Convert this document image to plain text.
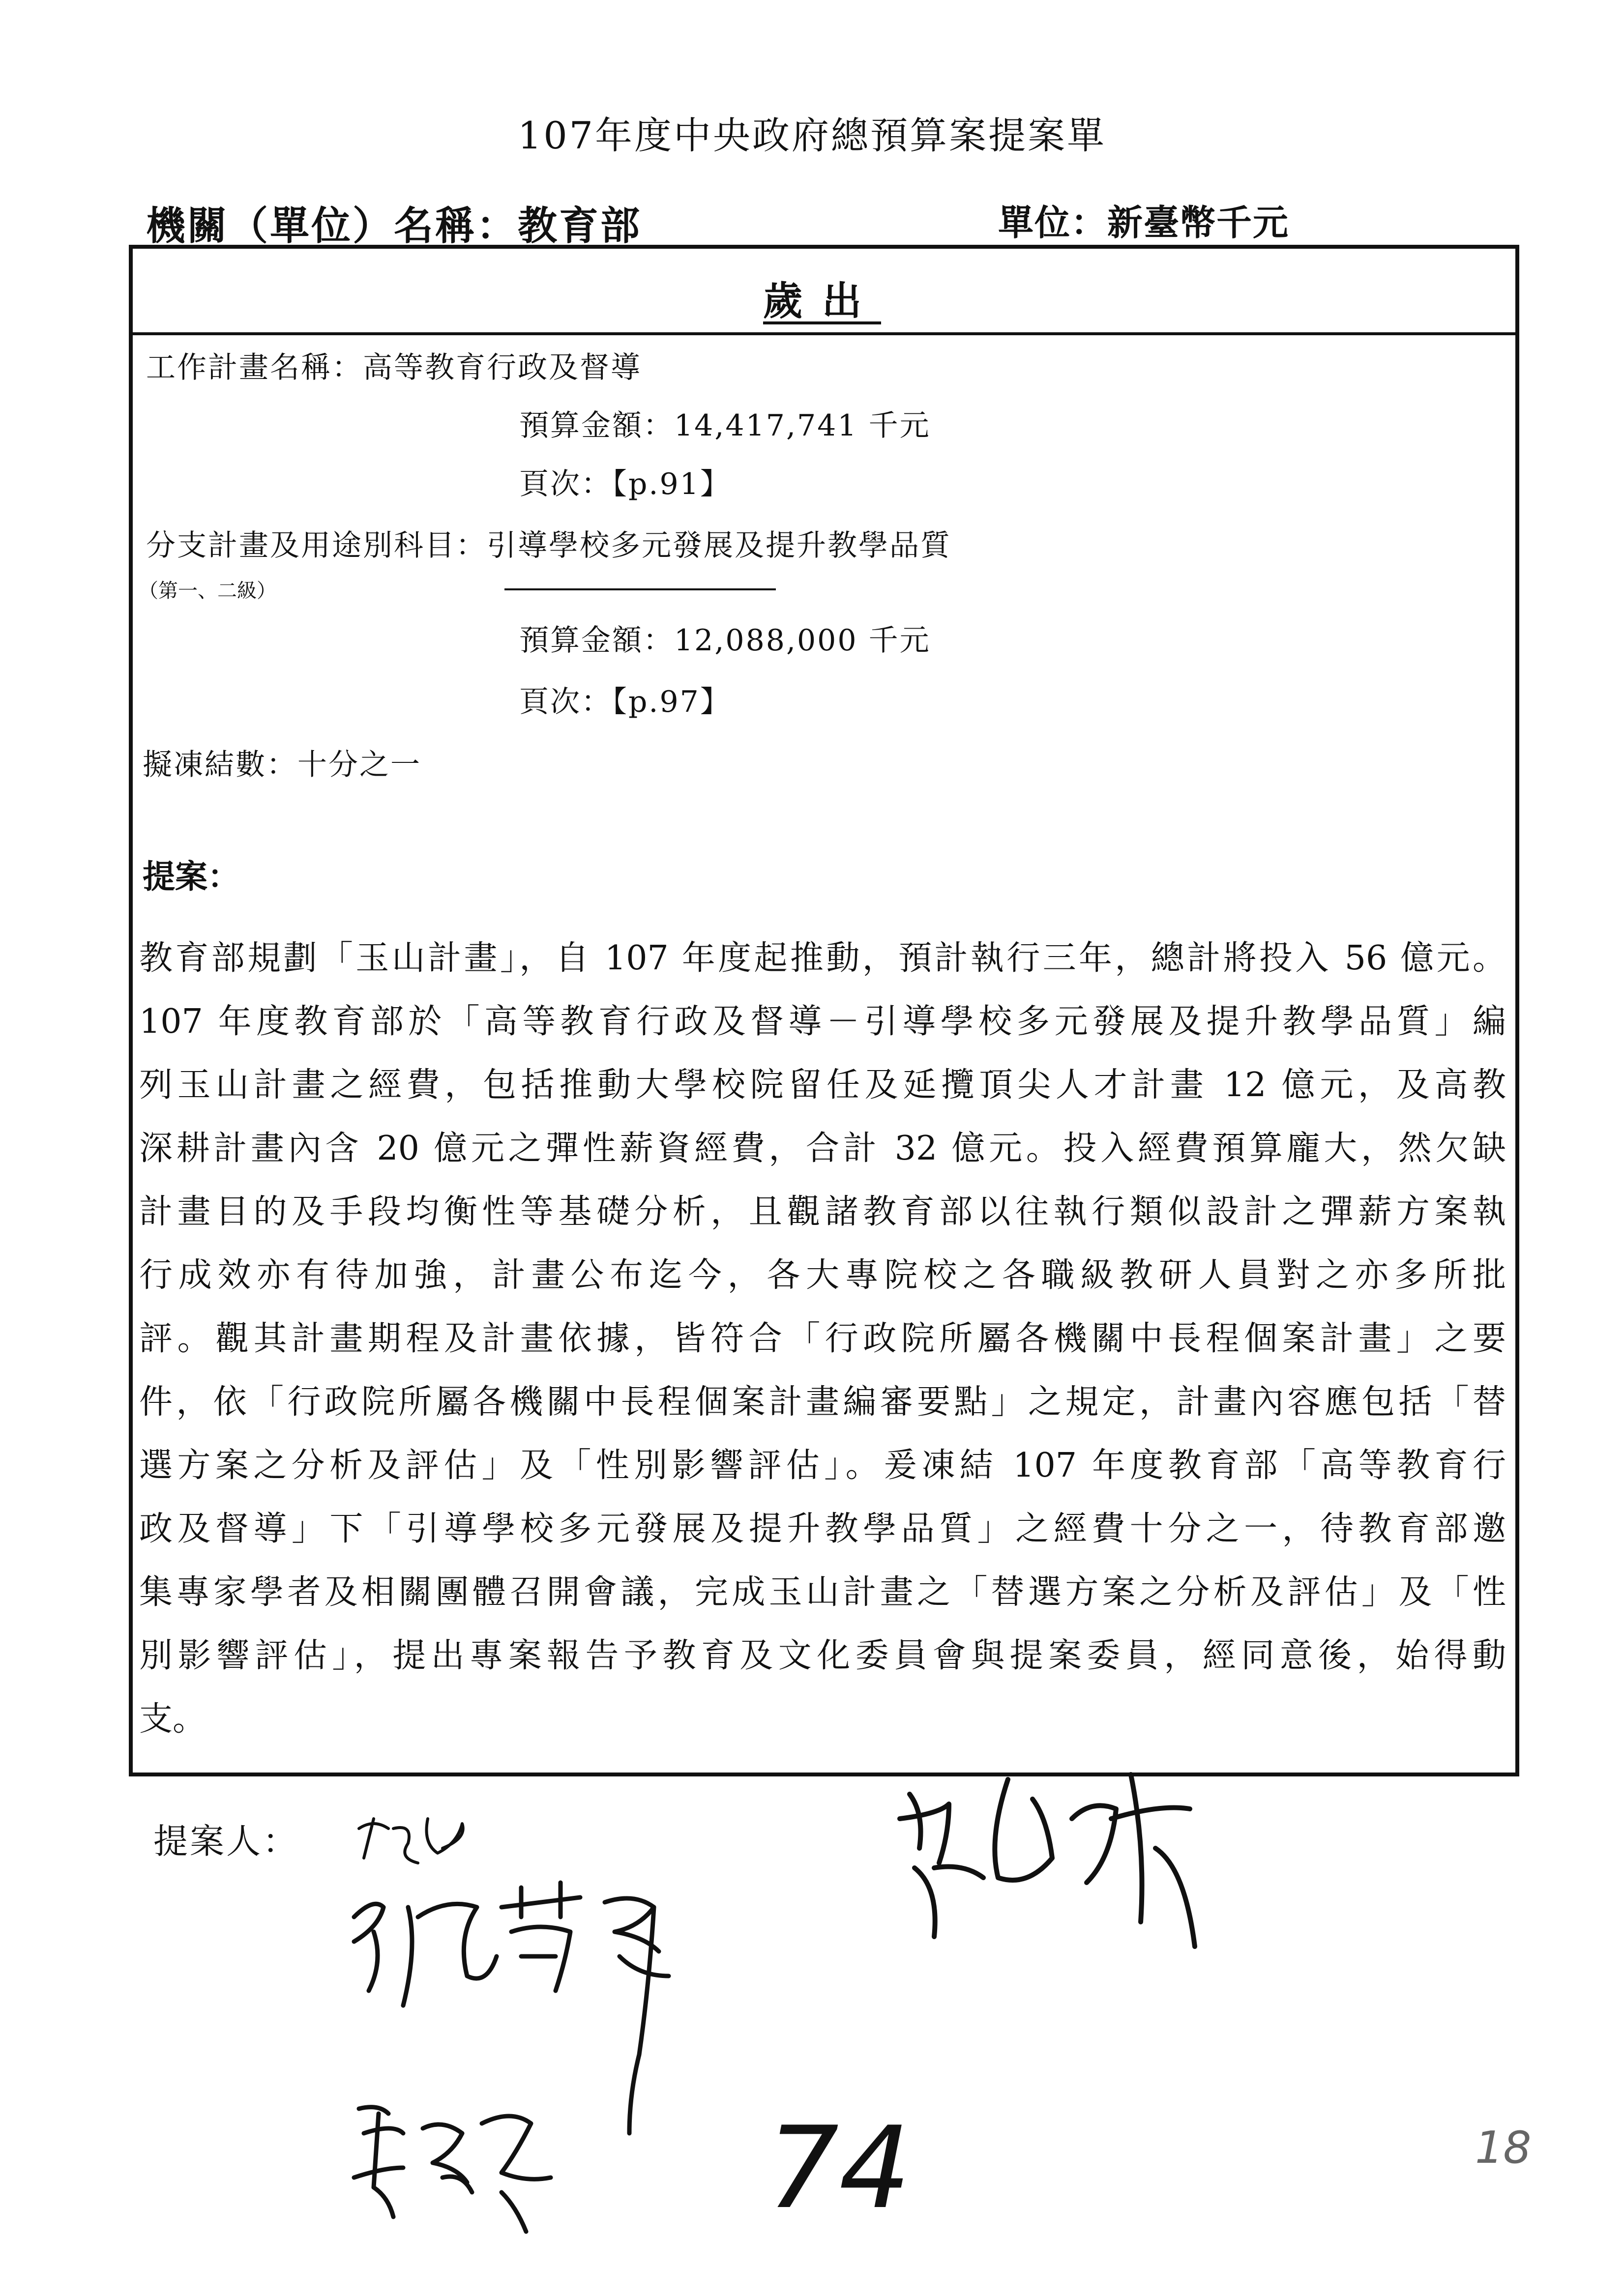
107年度中央政府總預算案提案單
機關（單位）名稱：教育部	單位：新臺幣千元
歲出
工作計畫名稱：高等教育行政及督導
預算金額：14,417,741 千元
頁次：【p.91】
分支計畫及用途別科目：引導學校多元發展及提升教學品質
（第一、二級）
預算金額：12,088,000 千元
頁次：【p.97】
擬凍結數：十分之一
提案：
教育部規劃「玉山計畫」，自 107 年度起推動，預計執行三年，總計將投入 56 億元。
107 年度教育部於「高等教育行政及督導－引導學校多元發展及提升教學品質」編
列玉山計畫之經費，包括推動大學校院留任及延攬頂尖人才計畫 12 億元，及高教
深耕計畫內含 20 億元之彈性薪資經費，合計 32 億元。投入經費預算龐大，然欠缺
計畫目的及手段均衡性等基礎分析，且觀諸教育部以往執行類似設計之彈薪方案執
行成效亦有待加強，計畫公布迄今，各大專院校之各職級教研人員對之亦多所批
評。觀其計畫期程及計畫依據，皆符合「行政院所屬各機關中長程個案計畫」之要
件，依「行政院所屬各機關中長程個案計畫編審要點」之規定，計畫內容應包括「替
選方案之分析及評估」及「性別影響評估」。爰凍結 107 年度教育部「高等教育行
政及督導」下「引導學校多元發展及提升教學品質」之經費十分之一，待教育部邀
集專家學者及相關團體召開會議，完成玉山計畫之「替選方案之分析及評估」及「性
別影響評估」，提出專案報告予教育及文化委員會與提案委員，經同意後，始得動
支。
提案人：
74	18
